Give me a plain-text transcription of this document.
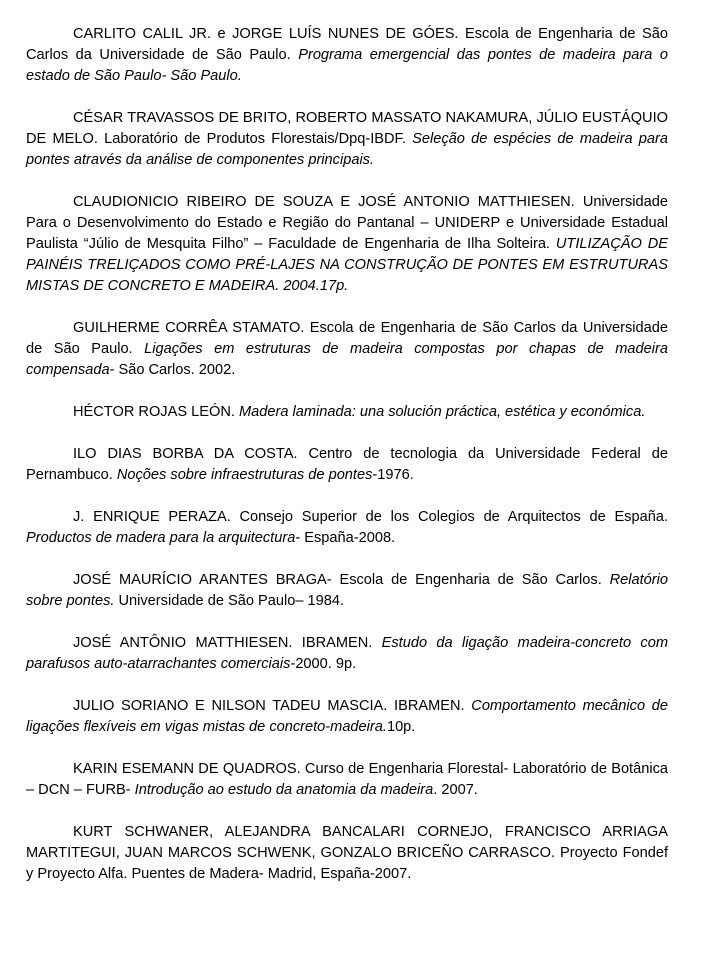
CARLITO CALIL JR. e JORGE LUÍS NUNES DE GÓES. Escola de Engenharia de São Carlos da Universidade de São Paulo. Programa emergencial das pontes de madeira para o estado de São Paulo- São Paulo.

CÉSAR TRAVASSOS DE BRITO, ROBERTO MASSATO NAKAMURA, JÚLIO EUSTÁQUIO DE MELO. Laboratório de Produtos Florestais/Dpq-IBDF. Seleção de espécies de madeira para pontes através da análise de componentes principais.

CLAUDIONICIO RIBEIRO DE SOUZA E JOSÉ ANTONIO MATTHIESEN. Universidade Para o Desenvolvimento do Estado e Região do Pantanal – UNIDERP e Universidade Estadual Paulista “Júlio de Mesquita Filho” – Faculdade de Engenharia de Ilha Solteira. UTILIZAÇÃO DE PAINÉIS TRELIÇADOS COMO PRÉ-LAJES NA CONSTRUÇÃO DE PONTES EM ESTRUTURAS MISTAS DE CONCRETO E MADEIRA. 2004.17p.

GUILHERME CORRÊA STAMATO. Escola de Engenharia de São Carlos da Universidade de São Paulo. Ligações em estruturas de madeira compostas por chapas de madeira compensada- São Carlos. 2002.

HÉCTOR ROJAS LEÓN. Madera laminada: una solución práctica, estética y económica.

ILO DIAS BORBA DA COSTA. Centro de tecnologia da Universidade Federal de Pernambuco. Noções sobre infraestruturas de pontes-1976.

J. ENRIQUE PERAZA. Consejo Superior de los Colegios de Arquitectos de España. Productos de madera para la arquitectura- España-2008.

JOSÉ MAURÍCIO ARANTES BRAGA- Escola de Engenharia de São Carlos. Relatório sobre pontes. Universidade de São Paulo– 1984.

JOSÉ ANTÔNIO MATTHIESEN. IBRAMEN. Estudo da ligação madeira-concreto com parafusos auto-atarrachantes comerciais-2000. 9p.

JULIO SORIANO E NILSON TADEU MASCIA. IBRAMEN. Comportamento mecânico de ligações flexíveis em vigas mistas de concreto-madeira.10p.

KARIN ESEMANN DE QUADROS. Curso de Engenharia Florestal- Laboratório de Botânica – DCN – FURB- Introdução ao estudo da anatomia da madeira. 2007.

KURT SCHWANER, ALEJANDRA BANCALARI CORNEJO, FRANCISCO ARRIAGA MARTITEGUI, JUAN MARCOS SCHWENK, GONZALO BRICEÑO CARRASCO. Proyecto Fondef y Proyecto Alfa. Puentes de Madera- Madrid, España-2007.
